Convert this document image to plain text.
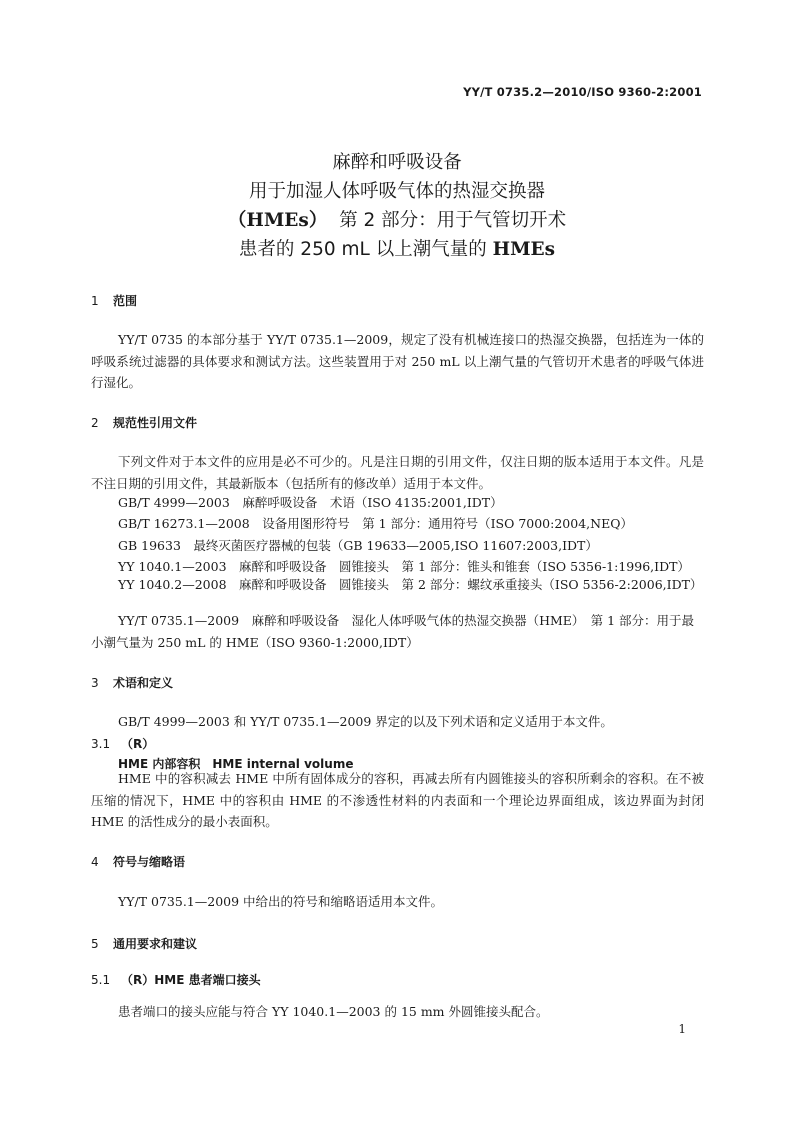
YY/T 0735.2—2010/ISO 9360-2:2001
麻醉和呼吸设备
用于加湿人体呼吸气体的热湿交换器
（HMEs） 第 2 部分：用于气管切开术
患者的 250 mL 以上潮气量的 HMEs
1 范围
YY/T 0735 的本部分基于 YY/T 0735.1—2009，规定了没有机械连接口的热湿交换器，包括连为一体的呼吸系统过滤器的具体要求和测试方法。这些装置用于对 250 mL 以上潮气量的气管切开术患者的呼吸气体进行湿化。
2 规范性引用文件
下列文件对于本文件的应用是必不可少的。凡是注日期的引用文件，仅注日期的版本适用于本文件。凡是不注日期的引用文件，其最新版本（包括所有的修改单）适用于本文件。
GB/T 4999—2003　麻醉呼吸设备　术语（ISO 4135:2001,IDT）
GB/T 16273.1—2008　设备用图形符号　第 1 部分：通用符号（ISO 7000:2004,NEQ）
GB 19633　最终灭菌医疗器械的包装（GB 19633—2005,ISO 11607:2003,IDT）
YY 1040.1—2003　麻醉和呼吸设备　圆锥接头　第 1 部分：锥头和锥套（ISO 5356-1:1996,IDT）
YY 1040.2—2008　麻醉和呼吸设备　圆锥接头　第 2 部分：螺纹承重接头（ISO 5356-2:2006,IDT）
YY/T 0735.1—2009　麻醉和呼吸设备　湿化人体呼吸气体的热湿交换器（HME）　第 1 部分：用于最小潮气量为 250 mL 的 HME（ISO 9360-1:2000,IDT）
3 术语和定义
GB/T 4999—2003 和 YY/T 0735.1—2009 界定的以及下列术语和定义适用于本文件。
3.1 （R）
HME 内部容积　HME internal volume
HME 中的容积减去 HME 中所有固体成分的容积，再减去所有内圆锥接头的容积所剩余的容积。在不被压缩的情况下，HME 中的容积由 HME 的不渗透性材料的内表面和一个理论边界面组成，该边界面为封闭 HME 的活性成分的最小表面积。
4 符号与缩略语
YY/T 0735.1—2009 中给出的符号和缩略语适用本文件。
5 通用要求和建议
5.1 （R）HME 患者端口接头
患者端口的接头应能与符合 YY 1040.1—2003 的 15 mm 外圆锥接头配合。
1
